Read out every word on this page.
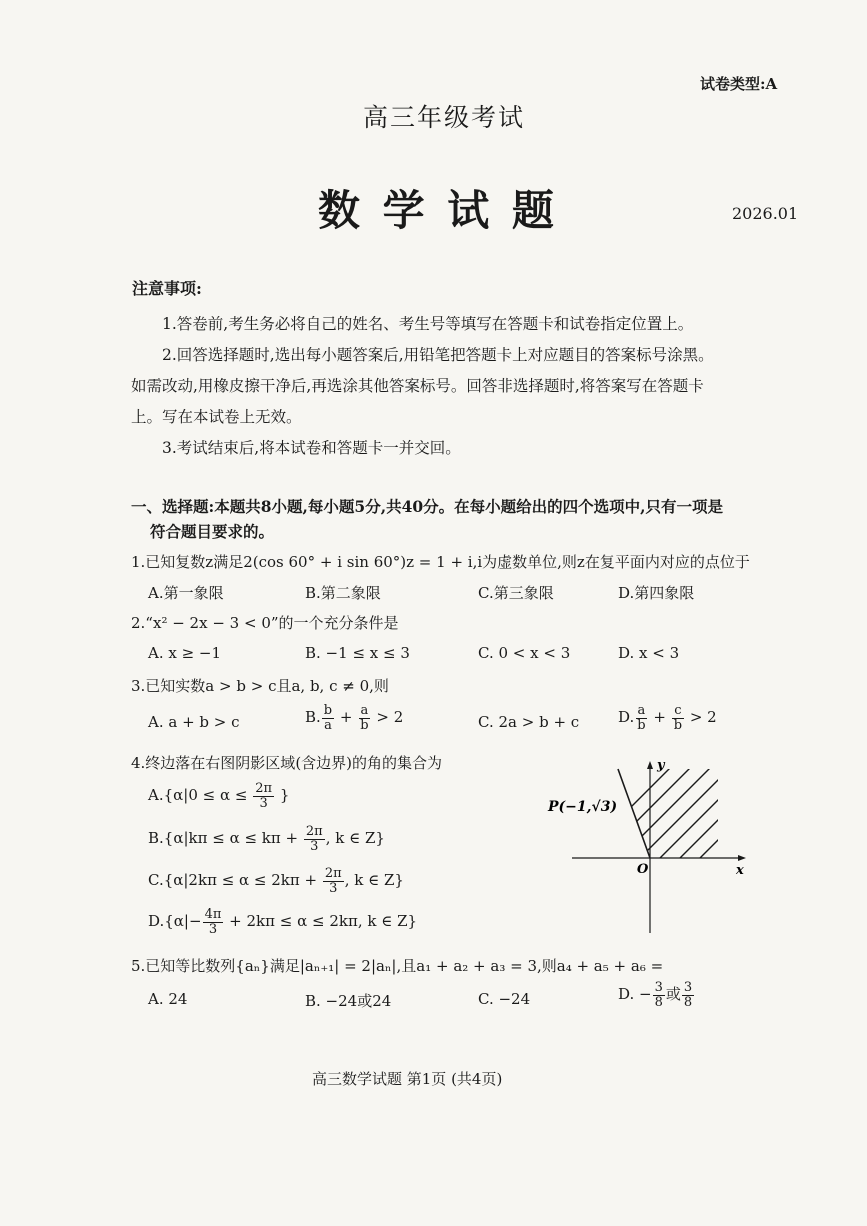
试卷类型:A
高三年级考试
数 学 试 题	2026.01
注意事项:
1.答卷前,考生务必将自己的姓名、考生号等填写在答题卡和试卷指定位置上。
2.回答选择题时,选出每小题答案后,用铅笔把答题卡上对应题目的答案标号涂黑。
如需改动,用橡皮擦干净后,再选涂其他答案标号。回答非选择题时,将答案写在答题卡
上。写在本试卷上无效。
3.考试结束后,将本试卷和答题卡一并交回。
一、选择题:本题共8小题,每小题5分,共40分。在每小题给出的四个选项中,只有一项是
符合题目要求的。
1.已知复数z满足2(cos 60° + i sin 60°)z = 1 + i,i为虚数单位,则z在复平面内对应的点位于
A.第一象限	B.第二象限	C.第三象限	D.第四象限
2.“x² − 2x − 3 < 0”的一个充分条件是
A. x ≥ −1	B. −1 ≤ x ≤ 3	C. 0 < x < 3	D. x < 3
3.已知实数a > b > c且a, b, c ≠ 0,则
A. a + b > c	B. $\frac{b}{a} + \frac{a}{b} > 2$	C. 2a > b + c	D. $\frac{a}{b} + \frac{c}{b} > 2$
4.终边落在右图阴影区域(含边界)的角的集合为
$A.\{\alpha|0 \le \alpha \le \frac{2\pi}{3}$ }
$B.\{\alpha|k\pi \le \alpha \le k\pi + \frac{2\pi}{3}$ , k ∈ Z}
$C.\{\alpha|2k\pi \le \alpha \le 2k\pi + \frac{2\pi}{3}$ , k ∈ Z}
$D.\{\alpha|- \frac{4\pi}{3} + 2k\pi \le \alpha \le 2k\pi$, k ∈ Z}
y
x
O
P(−1,√3)
5.已知等比数列{aₙ}满足|aₙ₊₁| = 2|aₙ|,且a₁ + a₂ + a₃ = 3,则a₄ + a₅ + a₆ =
A. 24	B. −24或24	C. −24	D. − $\frac{3}{8}$ 或 $\frac{3}{8}$
高三数学试题 第1页 (共4页)
